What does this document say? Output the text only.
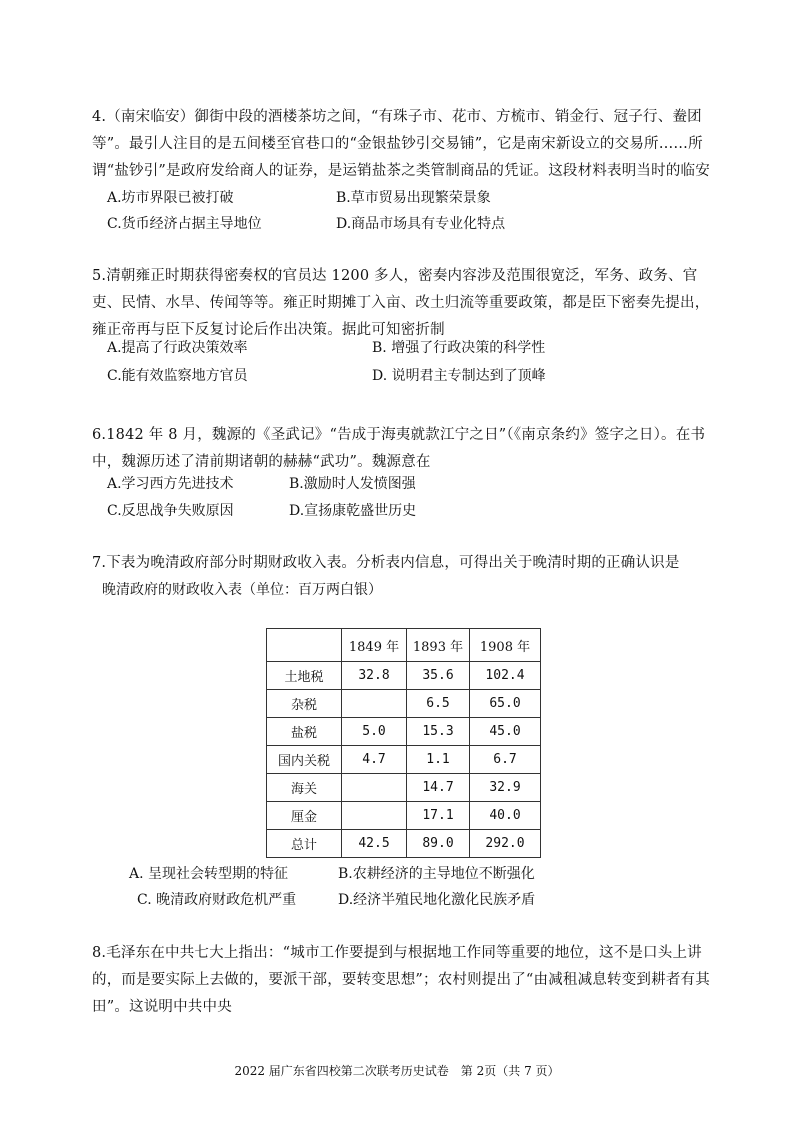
4.（南宋临安）御街中段的酒楼茶坊之间，“有珠子市、花市、方梳市、销金行、冠子行、鲞团等”。最引人注目的是五间楼至官巷口的“金银盐钞引交易铺”，它是南宋新设立的交易所……所谓“盐钞引”是政府发给商人的证券，是运销盐茶之类管制商品的凭证。这段材料表明当时的临安
A.坊市界限已被打破	B.草市贸易出现繁荣景象
C.货币经济占据主导地位	D.商品市场具有专业化特点
5.清朝雍正时期获得密奏权的官员达 1200 多人，密奏内容涉及范围很宽泛，军务、政务、官吏、民情、水旱、传闻等等。雍正时期摊丁入亩、改土归流等重要政策，都是臣下密奏先提出，雍正帝再与臣下反复讨论后作出决策。据此可知密折制
A.提高了行政决策效率	B. 增强了行政决策的科学性
C.能有效监察地方官员	D. 说明君主专制达到了顶峰
6.1842 年 8 月，魏源的《圣武记》“告成于海夷就款江宁之日”（《南京条约》签字之日）。在书中，魏源历述了清前期诸朝的赫赫“武功”。魏源意在
A.学习西方先进技术	B.激励时人发愤图强
C.反思战争失败原因	D.宣扬康乾盛世历史
7.下表为晚清政府部分时期财政收入表。分析表内信息，可得出关于晚清时期的正确认识是
晚清政府的财政收入表（单位：百万两白银）
	1849 年	1893 年	1908 年
土地税	32.8	35.6	102.4
杂税		6.5	65.0
盐税	5.0	15.3	45.0
国内关税	4.7	1.1	6.7
海关		14.7	32.9
厘金		17.1	40.0
总计	42.5	89.0	292.0
A. 呈现社会转型期的特征	B.农耕经济的主导地位不断强化
C. 晚清政府财政危机严重	D.经济半殖民地化激化民族矛盾
8.毛泽东在中共七大上指出：“城市工作要提到与根据地工作同等重要的地位，这不是口头上讲的，而是要实际上去做的，要派干部，要转变思想”；农村则提出了“由减租减息转变到耕者有其田”。这说明中共中央
2022 届广东省四校第二次联考历史试卷　第 2页（共 7 页）
